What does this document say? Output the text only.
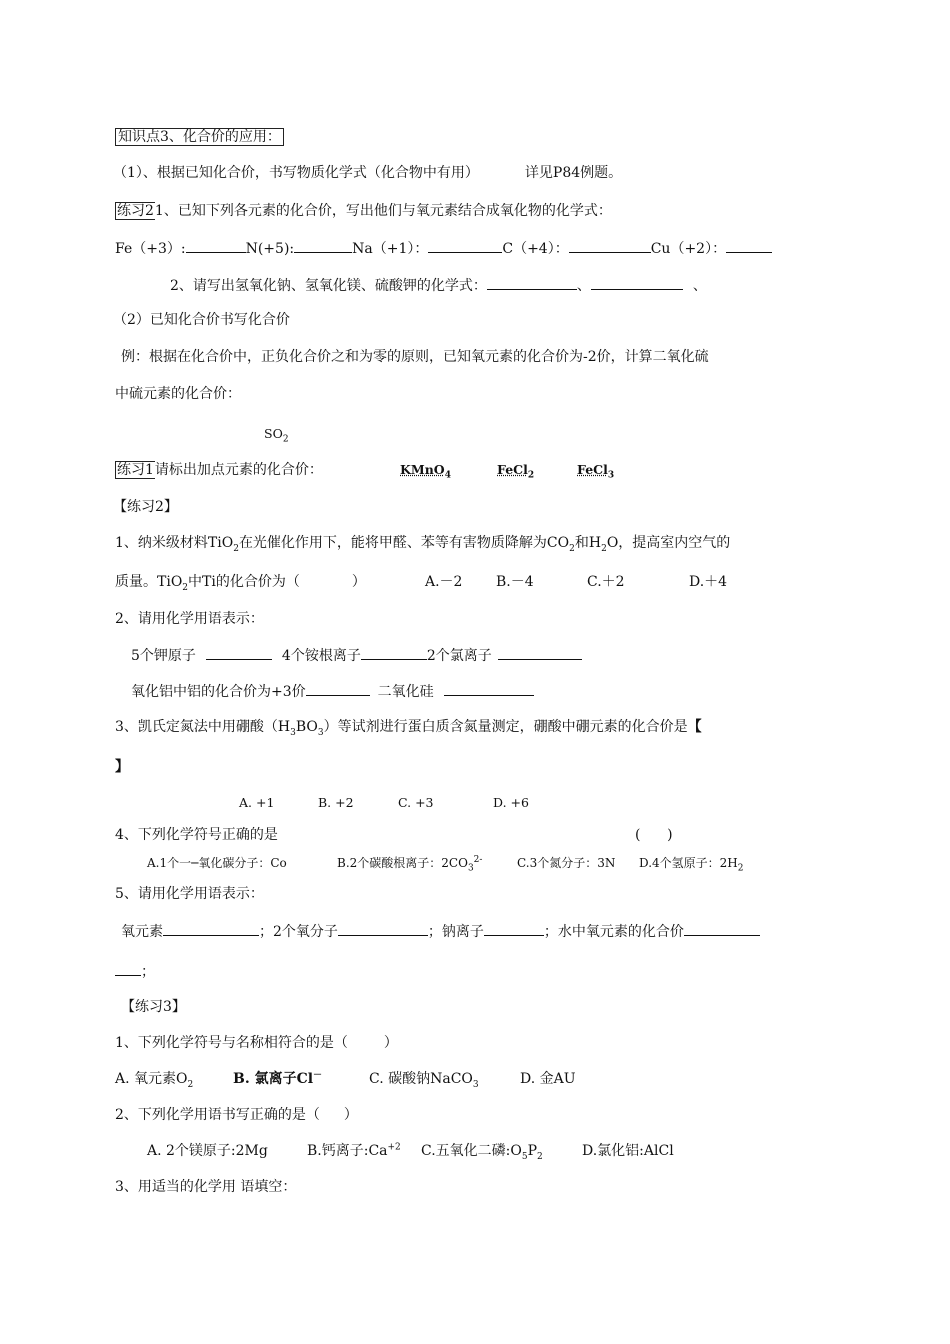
知识点3、化合价的应用：
（1）、根据已知化合价，书写物质化学式（化合物中有用）	详见P84例题。
练习21、已知下列各元素的化合价，写出他们与氧元素结合成氧化物的化学式：
Fe（+3）:	N(+5):	Na（+1）：	C（+4）：	Cu（+2）：
2、请写出氢氧化钠、氢氧化镁、硫酸钾的化学式：	、	、
（2）已知化合价书写化合价
例：根据在化合价中，正负化合价之和为零的原则，已知氧元素的化合价为-2价，计算二氧化硫
中硫元素的化合价：
$SO_2$
练习1请标出加点元素的化合价：	KMnO$_4$	FeCl$_2$	FeCl$_3$
【练习2】
1、纳米级材料TiO$_2$在光催化作用下，能将甲醛、苯等有害物质降解为$CO_2$和$H_2O$，提高室内空气的
质量。TiO$_2$中Ti的化合价为（	）	A.－2 B.－4	C.＋2	D.＋4
2、请用化学用语表示：
5个钾原子	4个铵根离子	2个氯离子
氧化铝中铝的化合价为+3价	二氧化硅
3、凯氏定氮法中用硼酸$(H_3BO_3)$等试剂进行蛋白质含氮量测定，硼酸中硼元素的化合价是【
】
A. +1	B. +2	C. +3	D. +6
4、下列化学符号正确的是	(      )
A.1个一─氧化碳分子：Co	B.2个碳酸根离子：$2CO_3^{2-}$	C.3个氮分子：3N D.4个氢原子：$2H_2$
5、请用化学用语表示：
氧元素	；2个氧分子	；钠离子	；水中氧元素的化合价
；
【练习3】
1、下列化学符号与名称相符合的是（	）
A. 氧元素$O_2$	B. 氯离子Cl－	C. 碳酸钠NaCO$_3$	D. 金AU
2、下列化学用语书写正确的是（ ）
A. 2个镁原子:2Mg	B.钙离子$:Ca^{+2}$ C.五氧化二磷$:O_5P_2$	D.氯化铝:AlCl
3、用适当的化学用 语填空：
